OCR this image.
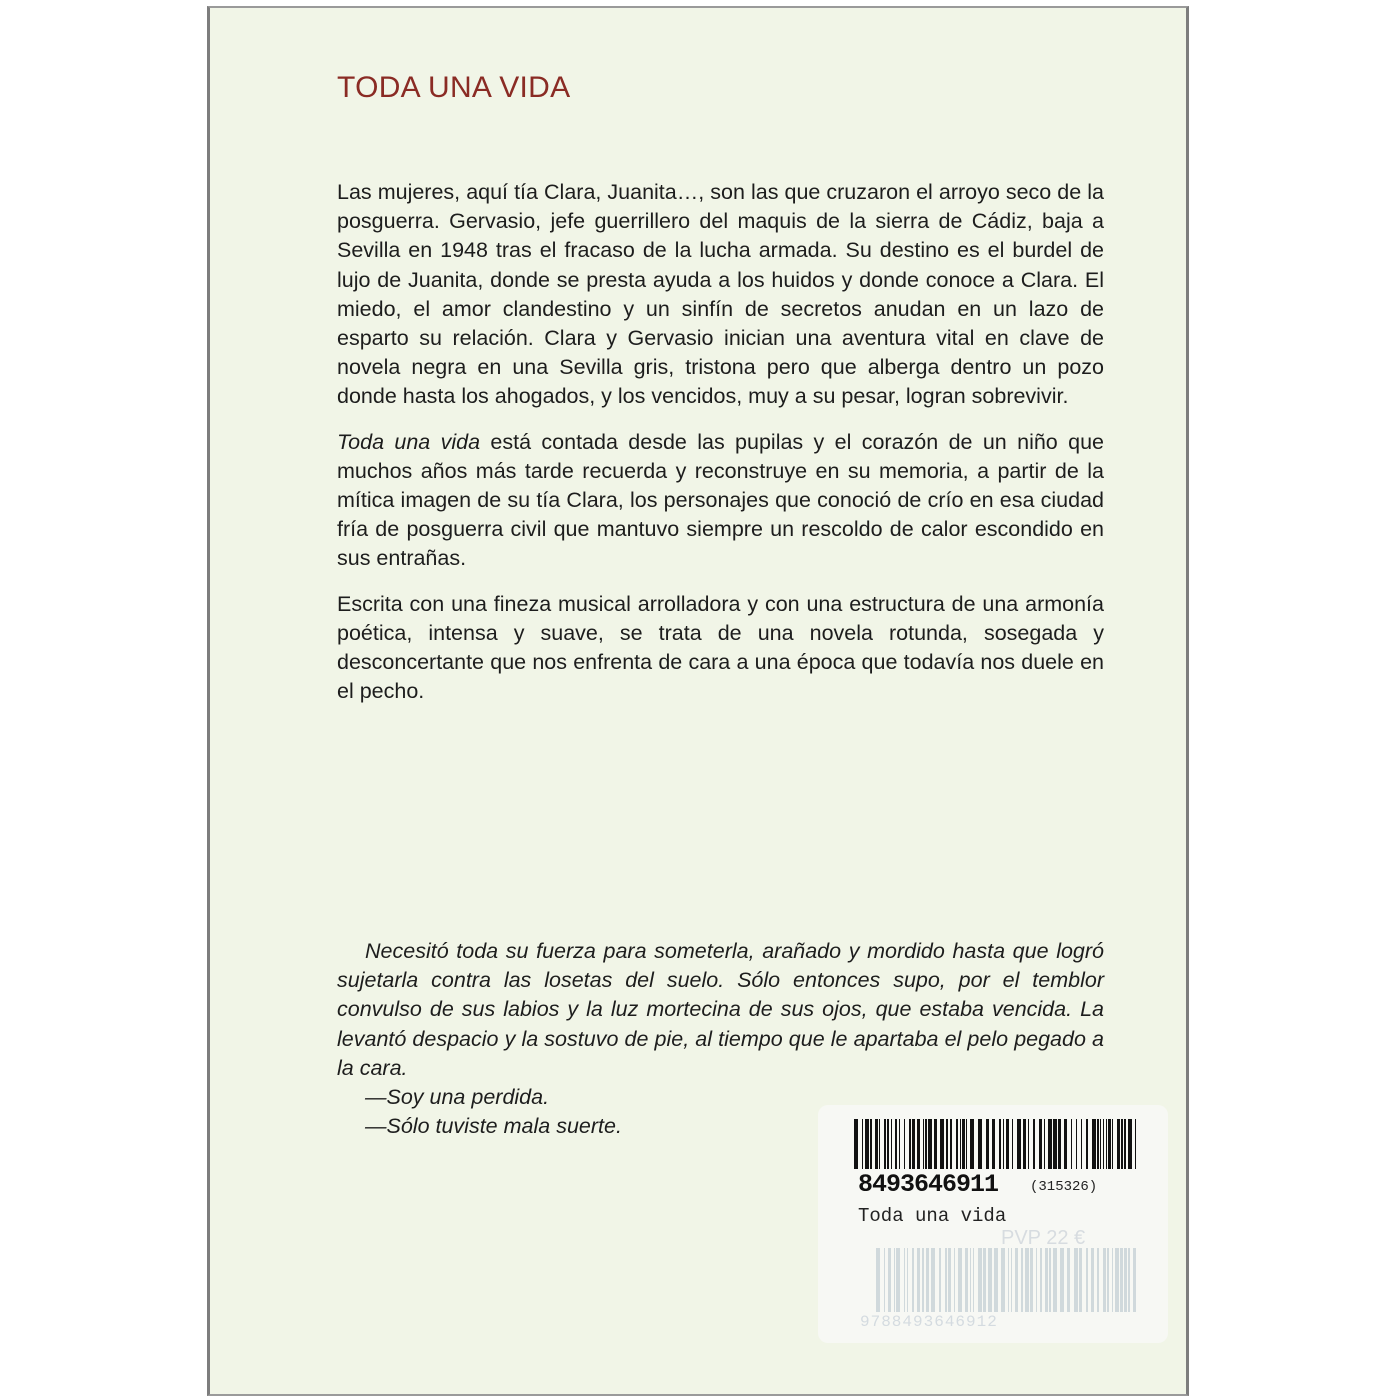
TODA UNA VIDA

Las mujeres, aquí tía Clara, Juanita…, son las que cruzaron el arroyo seco de la posguerra. Gervasio, jefe guerrillero del maquis de la sierra de Cádiz, baja a Sevilla en 1948 tras el fracaso de la lucha armada. Su destino es el burdel de lujo de Juanita, donde se presta ayuda a los huidos y donde conoce a Clara. El miedo, el amor clandestino y un sinfín de secretos anudan en un lazo de esparto su relación. Clara y Gervasio inician una aventura vital en clave de novela negra en una Sevilla gris, tristona pero que alberga dentro un pozo donde hasta los ahogados, y los vencidos, muy a su pesar, logran sobrevivir.

Toda una vida está contada desde las pupilas y el corazón de un niño que muchos años más tarde recuerda y reconstruye en su memoria, a partir de la mítica imagen de su tía Clara, los personajes que conoció de crío en esa ciudad fría de posguerra civil que mantuvo siempre un rescoldo de calor escondido en sus entrañas.

Escrita con una fineza musical arrolladora y con una estructura de una armonía poética, intensa y suave, se trata de una novela rotunda, sosegada y desconcertante que nos enfrenta de cara a una época que todavía nos duele en el pecho.

Necesitó toda su fuerza para someterla, arañado y mordido hasta que logró sujetarla contra las losetas del suelo. Sólo entonces supo, por el temblor convulso de sus labios y la luz mortecina de sus ojos, que estaba vencida. La levantó despacio y la sostuvo de pie, al tiempo que le apartaba el pelo pegado a la cara.

—Soy una perdida.
—Sólo tuviste mala suerte.
8493646911 (315326)
Toda una vida
PVP 22 €
9788493646912
